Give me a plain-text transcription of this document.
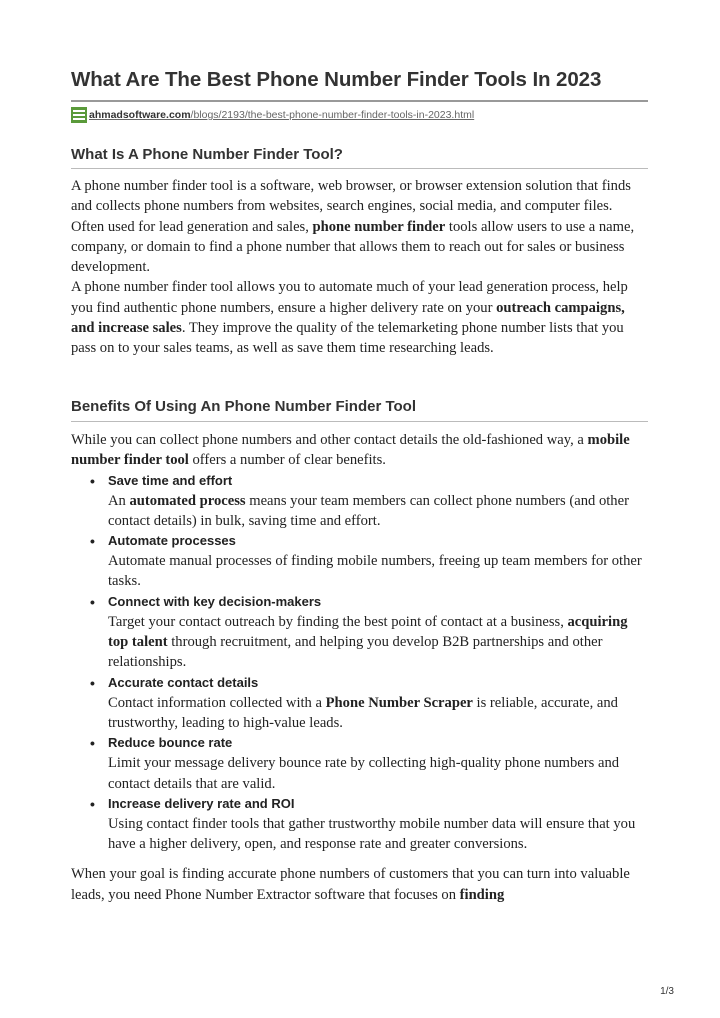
What Are The Best Phone Number Finder Tools In 2023
ahmadsoftware.com/blogs/2193/the-best-phone-number-finder-tools-in-2023.html
What Is A Phone Number Finder Tool?

A phone number finder tool is a software, web browser, or browser extension solution that finds and collects phone numbers from websites, search engines, social media, and computer files. Often used for lead generation and sales, phone number finder tools allow users to use a name, company, or domain to find a phone number that allows them to reach out for sales or business development.

A phone number finder tool allows you to automate much of your lead generation process, help you find authentic phone numbers, ensure a higher delivery rate on your outreach campaigns, and increase sales. They improve the quality of the telemarketing phone number lists that you pass on to your sales teams, as well as save them time researching leads.

Benefits Of Using An Phone Number Finder Tool

While you can collect phone numbers and other contact details the old-fashioned way, a mobile number finder tool offers a number of clear benefits.

• Save time and effort

An automated process means your team members can collect phone numbers (and other contact details) in bulk, saving time and effort.

• Automate processes

Automate manual processes of finding mobile numbers, freeing up team members for other tasks.

• Connect with key decision-makers

Target your contact outreach by finding the best point of contact at a business, acquiring top talent through recruitment, and helping you develop B2B partnerships and other relationships.

• Accurate contact details

Contact information collected with a Phone Number Scraper is reliable, accurate, and trustworthy, leading to high-value leads.

• Reduce bounce rate

Limit your message delivery bounce rate by collecting high-quality phone numbers and contact details that are valid.

• Increase delivery rate and ROI

Using contact finder tools that gather trustworthy mobile number data will ensure that you have a higher delivery, open, and response rate and greater conversions.

When your goal is finding accurate phone numbers of customers that you can turn into valuable leads, you need Phone Number Extractor software that focuses on finding

1/3
